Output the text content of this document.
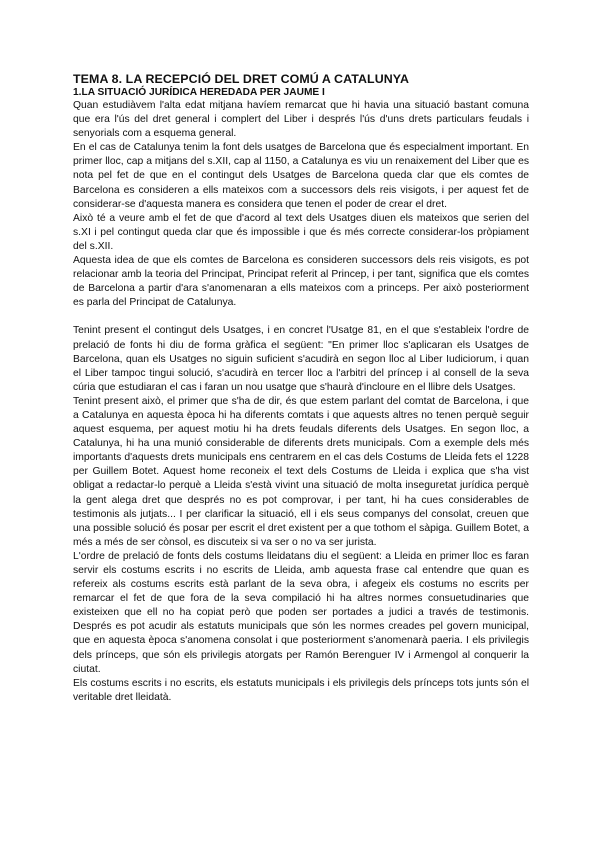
TEMA 8. LA RECEPCIÓ DEL DRET COMÚ A CATALUNYA
1.LA SITUACIÓ JURÍDICA HEREDADA PER JAUME I

Quan estudiàvem l'alta edat mitjana havíem remarcat que hi havia una situació bastant comuna que era l'ús del dret general i complert del Liber i després l'ús d'uns drets particulars feudals i senyorials com a esquema general.

En el cas de Catalunya tenim la font dels usatges de Barcelona que és especialment important. En primer lloc, cap a mitjans del s.XII, cap al 1150, a Catalunya es viu un renaixement del Liber que es nota pel fet de que en el contingut dels Usatges de Barcelona queda clar que els comtes de Barcelona es consideren a ells mateixos com a successors dels reis visigots, i per aquest fet de considerar-se d'aquesta manera es considera que tenen el poder de crear el dret.

Això té a veure amb el fet de que d'acord al text dels Usatges diuen els mateixos que serien del s.XI i pel contingut queda clar que és impossible i que és més correcte considerar-los pròpiament del s.XII.

Aquesta idea de que els comtes de Barcelona es consideren successors dels reis visigots, es pot relacionar amb la teoria del Principat, Principat referit al Princep, i per tant, significa que els comtes de Barcelona a partir d'ara s'anomenaran a ells mateixos com a princeps. Per això posteriorment es parla del Principat de Catalunya.

Tenint present el contingut dels Usatges, i en concret l'Usatge 81, en el que s'estableix l'ordre de prelació de fonts hi diu de forma gràfica el següent: "En primer lloc s'aplicaran els Usatges de Barcelona, quan els Usatges no siguin suficient s'acudirà en segon lloc al Liber Iudiciorum, i quan el Liber tampoc tingui solució, s'acudirà en tercer lloc a l'arbitri del príncep i al consell de la seva cúria que estudiaran el cas i faran un nou usatge que s'haurà d'incloure en el llibre dels Usatges.

Tenint present això, el primer que s'ha de dir, és que estem parlant del comtat de Barcelona, i que a Catalunya en aquesta època hi ha diferents comtats i que aquests altres no tenen perquè seguir aquest esquema, per aquest motiu hi ha drets feudals diferents dels Usatges. En segon lloc, a Catalunya, hi ha una munió considerable de diferents drets municipals. Com a exemple dels més importants d'aquests drets municipals ens centrarem en el cas dels Costums de Lleida fets el 1228 per Guillem Botet. Aquest home reconeix el text dels Costums de Lleida i explica que s'ha vist obligat a redactar-lo perquè a Lleida s'està vivint una situació de molta inseguretat jurídica perquè la gent alega dret que després no es pot comprovar, i per tant, hi ha cues considerables de testimonis als jutjats... I per clarificar la situació, ell i els seus companys del consolat, creuen que una possible solució és posar per escrit el dret existent per a que tothom el sàpiga. Guillem Botet, a més a més de ser cònsol, es discuteix si va ser o no va ser jurista.

L'ordre de prelació de fonts dels costums lleidatans diu el següent: a Lleida en primer lloc es faran servir els costums escrits i no escrits de Lleida, amb aquesta frase cal entendre que quan es refereix als costums escrits està parlant de la seva obra, i afegeix els costums no escrits per remarcar el fet de que fora de la seva compilació hi ha altres normes consuetudinaries que existeixen que ell no ha copiat però que poden ser portades a judici a través de testimonis. Després es pot acudir als estatuts municipals que són les normes creades pel govern municipal, que en aquesta època s'anomena consolat i que posteriorment s'anomenarà paeria. I els privilegis dels prínceps, que són els privilegis atorgats per Ramón Berenguer IV i Armengol al conquerir la ciutat.

Els costums escrits i no escrits, els estatuts municipals i els privilegis dels prínceps tots junts són el veritable dret lleidatà.
